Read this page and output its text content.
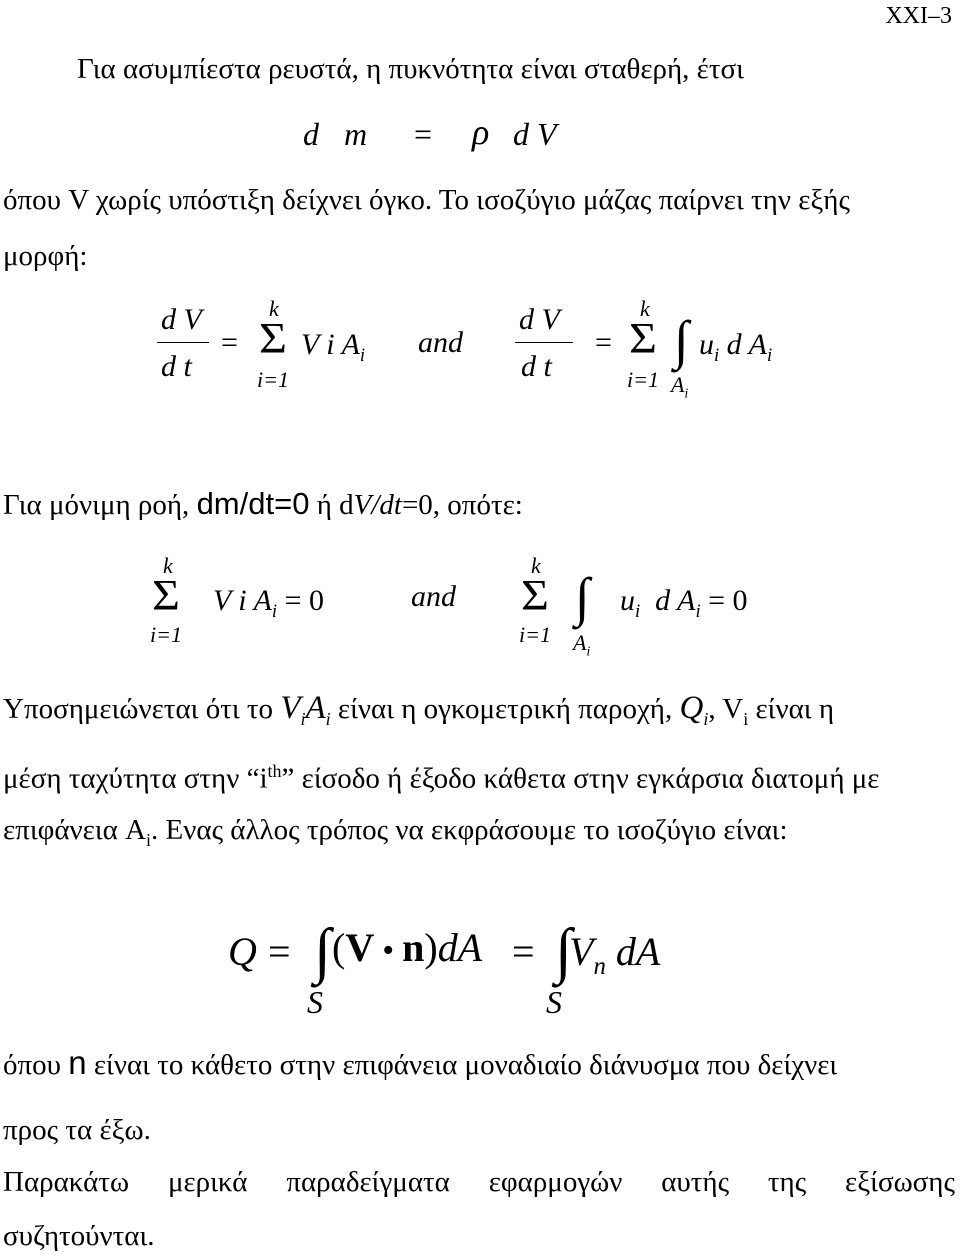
XXI–3
Για ασυμπίεστα ρευστά, η πυκνότητα είναι σταθερή, έτσι
d m = ρ d V
όπου V χωρίς υπόστιξη δείχνει όγκο. Το ισοζύγιο μάζας παίρνει την εξής
μορφή:
d V
d t
=
k
Σ
i=1
V i $A_i$ and
d V
d t
=
k
Σ
i=1
∫
$A_i$
$u_i$ d $A_i$
Για μόνιμη ροή, dm/dt=0 ή dV/dt=0, οπότε:
k
Σ
i=1
V i $A_i = 0$	and
k
Σ
i=1
∫
$A_i$
$u_i$ d $A_i = 0$
Υποσημειώνεται ότι το $V_iA_i$ είναι η ογκομετρική παροχή, $Q_i$, $V_i$ είναι η
μέση ταχύτητα στην “$i^{th}$” είσοδο ή έξοδο κάθετα στην εγκάρσια διατομή με
επιφάνεια $A_i$. Ενας άλλος τρόπος να εκφράσουμε το ισοζύγιο είναι:
Q = ∫
S
(V • n)dA = ∫
S
$V_n$ dA
όπου n είναι το κάθετο στην επιφάνεια μοναδιαίο διάνυσμα που δείχνει
προς τα έξω.
Παρακάτω μερικά παραδείγματα εφαρμογών αυτής της εξίσωσης
συζητούνται.
